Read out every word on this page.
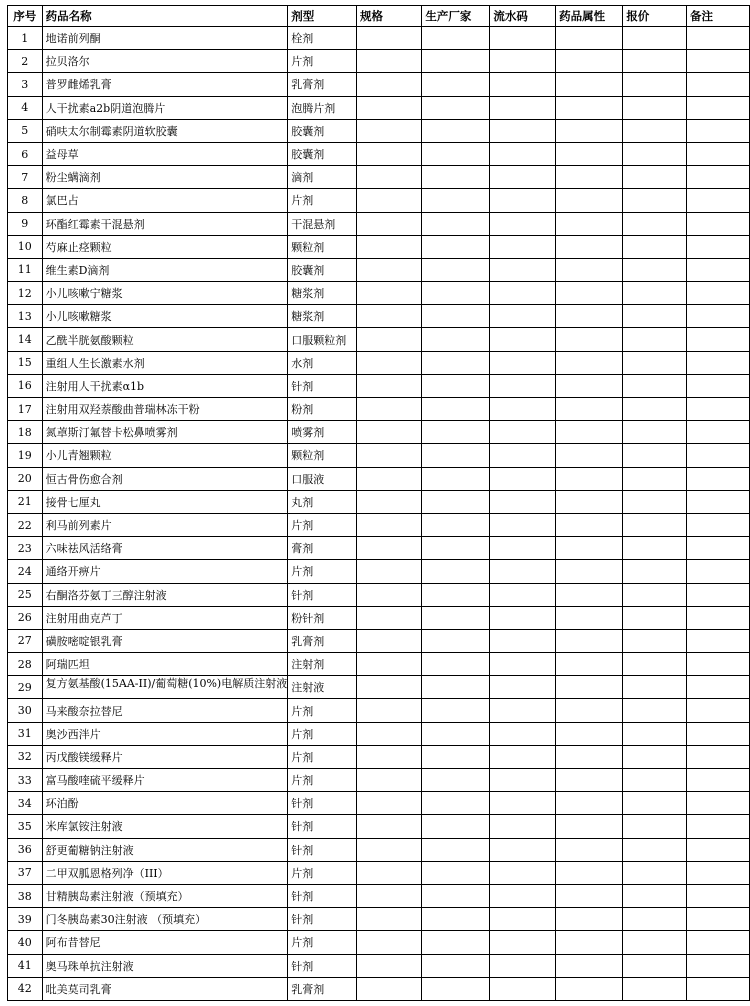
序号	药品名称	剂型	规格	生产厂家	流水码	药品属性	报价	备注
1	地诺前列酮	栓剂						
2	拉贝洛尔	片剂						
3	普罗雌烯乳膏	乳膏剂						
4	人干扰素a2b阴道泡腾片	泡腾片剂						
5	硝呋太尔制霉素阴道软胶囊	胶囊剂						
6	益母草	胶囊剂						
7	粉尘螨滴剂	滴剂						
8	氯巴占	片剂						
9	环酯红霉素干混悬剂	干混悬剂						
10	芍麻止痉颗粒	颗粒剂						
11	维生素D滴剂	胶囊剂						
12	小儿咳嗽宁糖浆	糖浆剂						
13	小儿咳嗽糖浆	糖浆剂						
14	乙酰半胱氨酸颗粒	口服颗粒剂						
15	重组人生长激素水剂	水剂						
16	注射用人干扰素α1b	针剂						
17	注射用双羟萘酸曲普瑞林冻干粉	粉剂						
18	氮䓬斯汀氟替卡松鼻喷雾剂	喷雾剂						
19	小儿青翘颗粒	颗粒剂						
20	恒古骨伤愈合剂	口服液						
21	接骨七厘丸	丸剂						
22	利马前列素片	片剂						
23	六味祛风活络膏	膏剂						
24	通络开痹片	片剂						
25	右酮洛芬氨丁三醇注射液	针剂						
26	注射用曲克芦丁	粉针剂						
27	磺胺嘧啶银乳膏	乳膏剂						
28	阿瑞匹坦	注射剂						
29	复方氨基酸(15AA-II)/葡萄糖(10%)电解质注射液	注射液						
30	马来酸奈拉替尼	片剂						
31	奥沙西泮片	片剂						
32	丙戊酸镁缓释片	片剂						
33	富马酸喹硫平缓释片	片剂						
34	环泊酚	针剂						
35	米库氯铵注射液	针剂						
36	舒更葡糖钠注射液	针剂						
37	二甲双胍恩格列净（III）	片剂						
38	甘精胰岛素注射液（预填充）	针剂						
39	门冬胰岛素30注射液 （预填充）	针剂						
40	阿布昔替尼	片剂						
41	奥马珠单抗注射液	针剂						
42	吡美莫司乳膏	乳膏剂						
